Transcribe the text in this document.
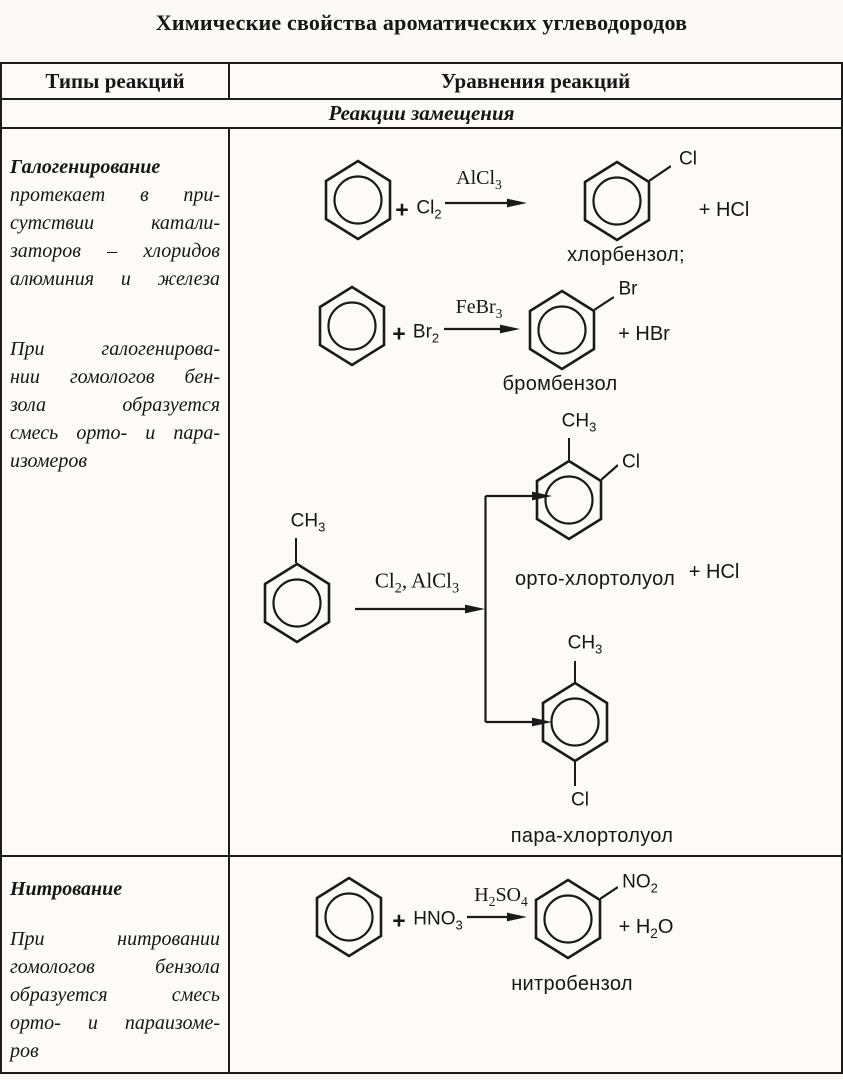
Химические свойства ароматических углеводородов
Типы реакций	Уравнения реакций
Реакции замещения
Галогенирование
протекает в при-
сутствии катали-
заторов – хлоридов
алюминия и железа
При галогенирова-
нии гомологов бен-
зола образуется
смесь орто- и пара-
изомеров
+ $Cl_2$
AlCl$_3$
Cl
+ HCl
хлорбензол;
+ $Br_2$
FeBr$_3$
Br
+ HBr
бромбензол
$CH_3$
$Cl_2$, AlCl$_3$
$CH_3$
Cl
орто-хлортолуол + HCl
$CH_3$
Cl
пара-хлортолуол
Нитрование
При нитровании
гомологов бензола
образуется смесь
орто- и параизоме-
ров
+ $HNO_3$
$H_2SO_4$
$NO_2$
+ $H_2O$
нитробензол
